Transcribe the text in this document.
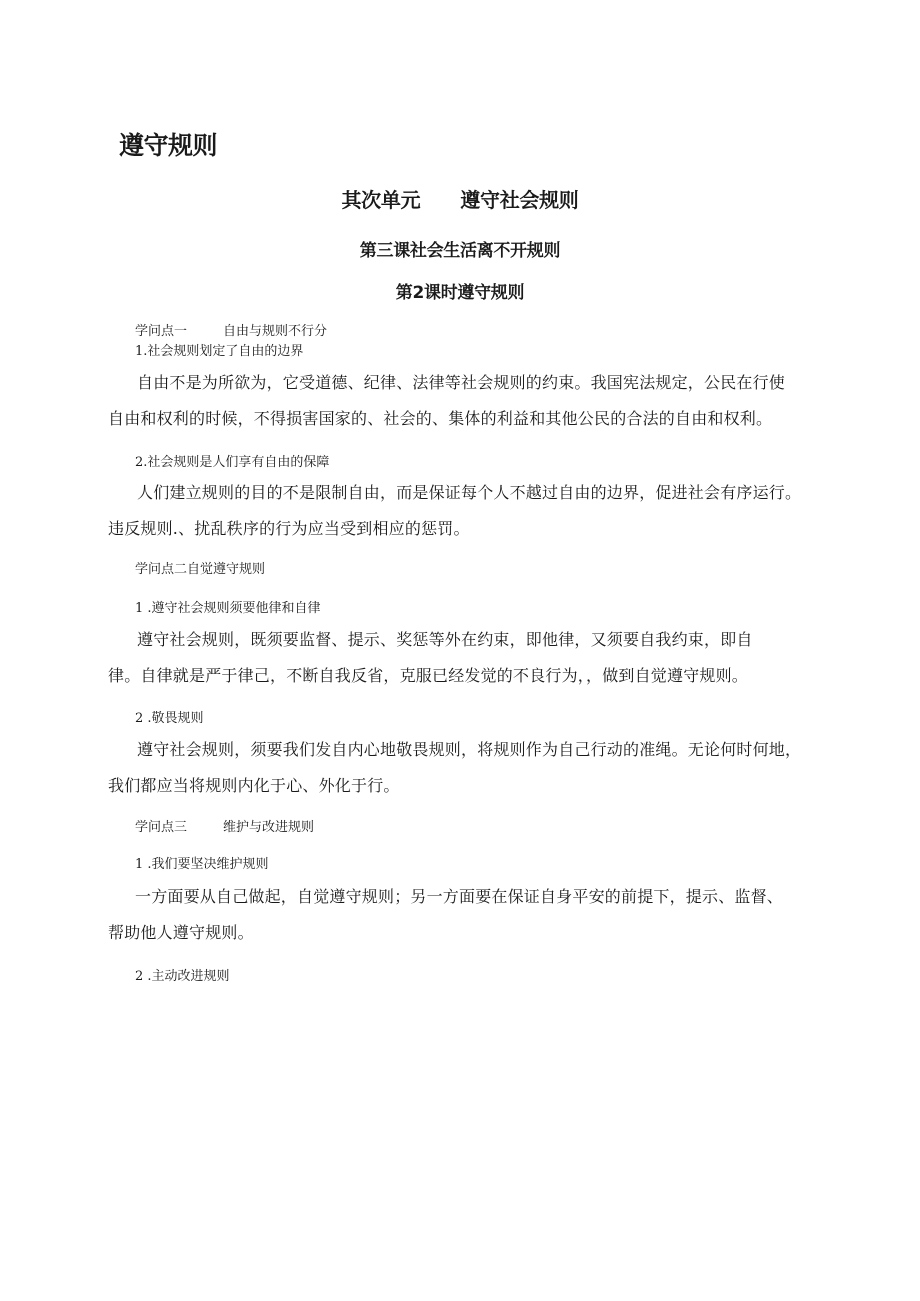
遵守规则
其次单元 遵守社会规则
第三课社会生活离不开规则
第2课时遵守规则
学问点一	自由与规则不行分
1.社会规则划定了自由的边界
自由不是为所欲为，它受道德、纪律、法律等社会规则的约束。我国宪法规定，公民在行使
自由和权利的时候，不得损害国家的、社会的、集体的利益和其他公民的合法的自由和权利。
2.社会规则是人们享有自由的保障
人们建立规则的目的不是限制自由，而是保证每个人不越过自由的边界，促进社会有序运行。
违反规则.、扰乱秩序的行为应当受到相应的惩罚。
学问点二自觉遵守规则
1 .遵守社会规则须要他律和自律
遵守社会规则，既须要监督、提示、奖惩等外在约束，即他律，又须要自我约束，即自
律。自律就是严于律己，不断自我反省，克服已经发觉的不良行为，，做到自觉遵守规则。
2 .敬畏规则
遵守社会规则，须要我们发自内心地敬畏规则，将规则作为自己行动的准绳。无论何时何地，
我们都应当将规则内化于心、外化于行。
学问点三	维护与改进规则
1 .我们要坚决维护规则
一方面要从自己做起，自觉遵守规则；另一方面要在保证自身平安的前提下，提示、监督、
帮助他人遵守规则。
2 .主动改进规则
